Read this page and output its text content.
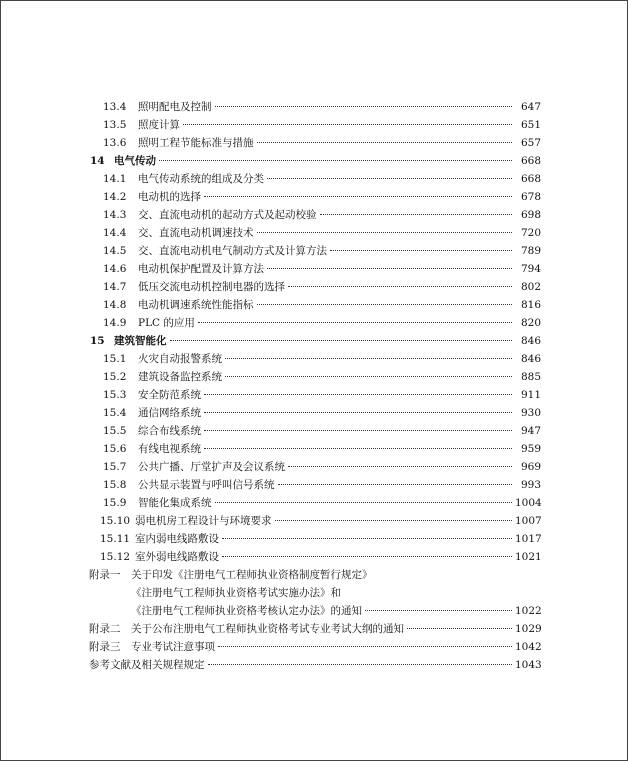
13.4	照明配电及控制	647
13.5	照度计算	651
13.6	照明工程节能标准与措施	657
14 电气传动	668
14.1	电气传动系统的组成及分类	668
14.2	电动机的选择	678
14.3	交、直流电动机的起动方式及起动校验	698
14.4	交、直流电动机调速技术	720
14.5	交、直流电动机电气制动方式及计算方法	789
14.6	电动机保护配置及计算方法	794
14.7	低压交流电动机控制电器的选择	802
14.8	电动机调速系统性能指标	816
14.9	PLC 的应用	820
15 建筑智能化	846
15.1	火灾自动报警系统	846
15.2	建筑设备监控系统	885
15.3	安全防范系统	911
15.4	通信网络系统	930
15.5	综合布线系统	947
15.6	有线电视系统	959
15.7	公共广播、厅堂扩声及会议系统	969
15.8	公共显示装置与呼叫信号系统	993
15.9	智能化集成系统	1004
15.10 弱电机房工程设计与环境要求	1007
15.11 室内弱电线路敷设	1017
15.12 室外弱电线路敷设	1021
附录一	关于印发《注册电气工程师执业资格制度暂行规定》
《注册电气工程师执业资格考试实施办法》和
《注册电气工程师执业资格考核认定办法》的通知	1022
附录二	关于公布注册电气工程师执业资格考试专业考试大纲的通知	1029
附录三	专业考试注意事项	1042
参考文献及相关规程规定	1043
